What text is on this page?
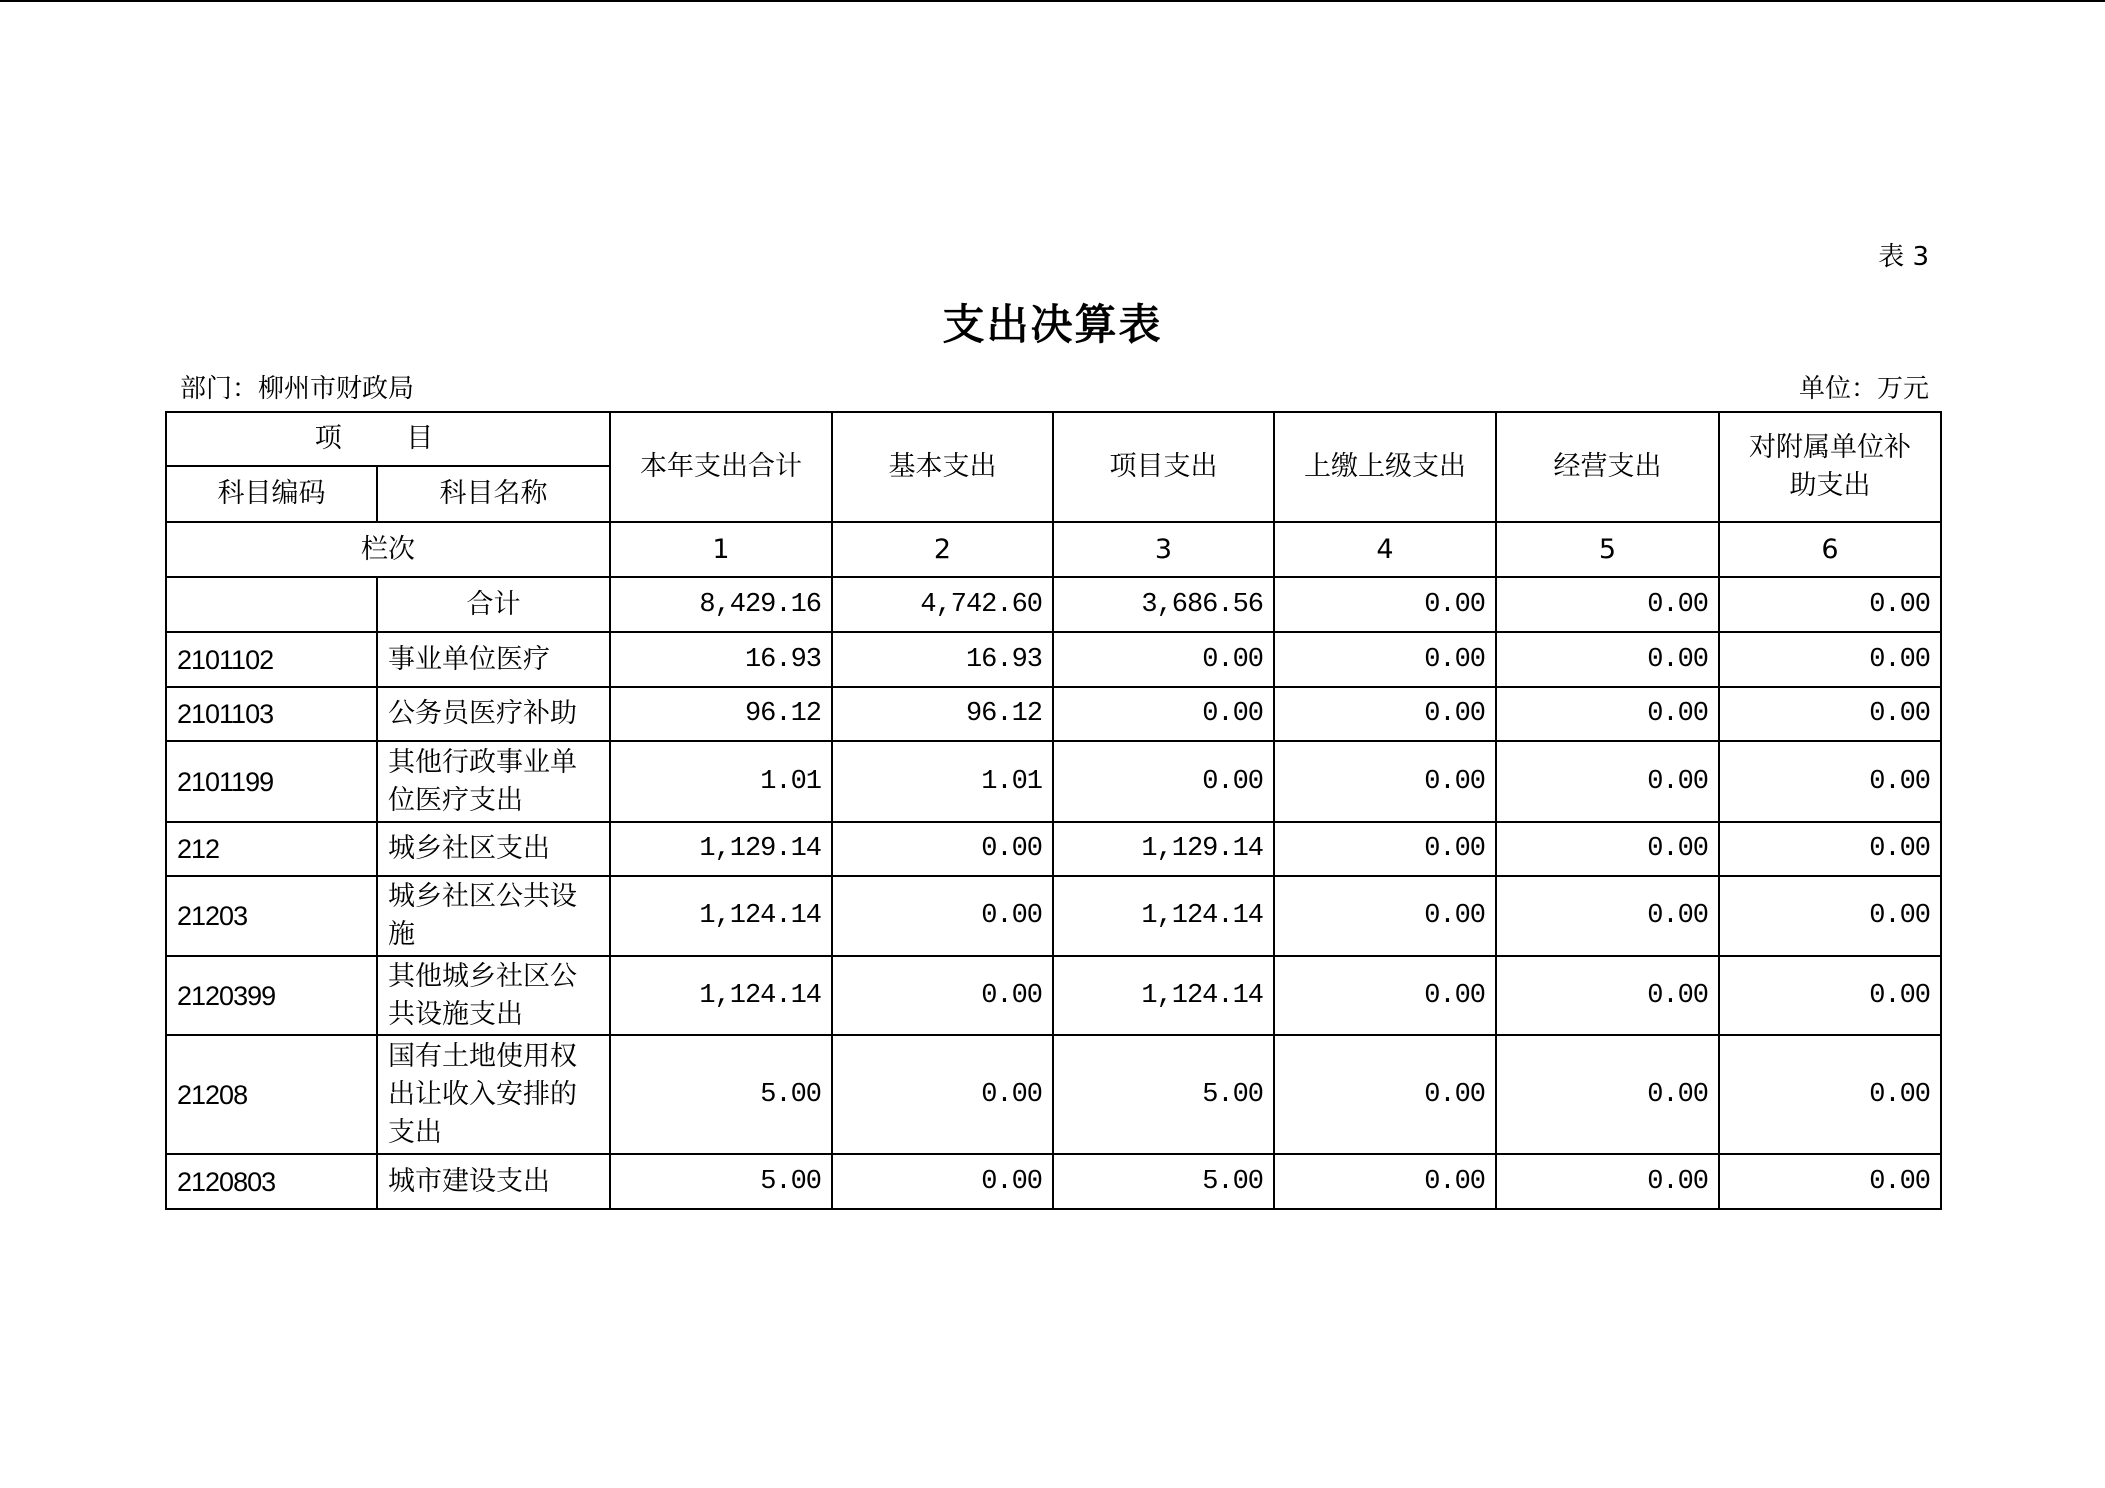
表 3
支出决算表
部门：柳州市财政局	单位：万元
项 目		本年支出合计	基本支出	项目支出	上缴上级支出	经营支出	对附属单位补助支出
科目编码	科目名称						
栏次		1	2	3	4	5	6
	合计	8,429.16	4,742.60	3,686.56	0.00	0.00	0.00
2101102	事业单位医疗	16.93	16.93	0.00	0.00	0.00	0.00
2101103	公务员医疗补助	96.12	96.12	0.00	0.00	0.00	0.00
2101199	其他行政事业单位医疗支出	1.01	1.01	0.00	0.00	0.00	0.00
212	城乡社区支出	1,129.14	0.00	1,129.14	0.00	0.00	0.00
21203	城乡社区公共设施	1,124.14	0.00	1,124.14	0.00	0.00	0.00
2120399	其他城乡社区公共设施支出	1,124.14	0.00	1,124.14	0.00	0.00	0.00
21208	国有土地使用权出让收入安排的支出	5.00	0.00	5.00	0.00	0.00	0.00
2120803	城市建设支出	5.00	0.00	5.00	0.00	0.00	0.00
